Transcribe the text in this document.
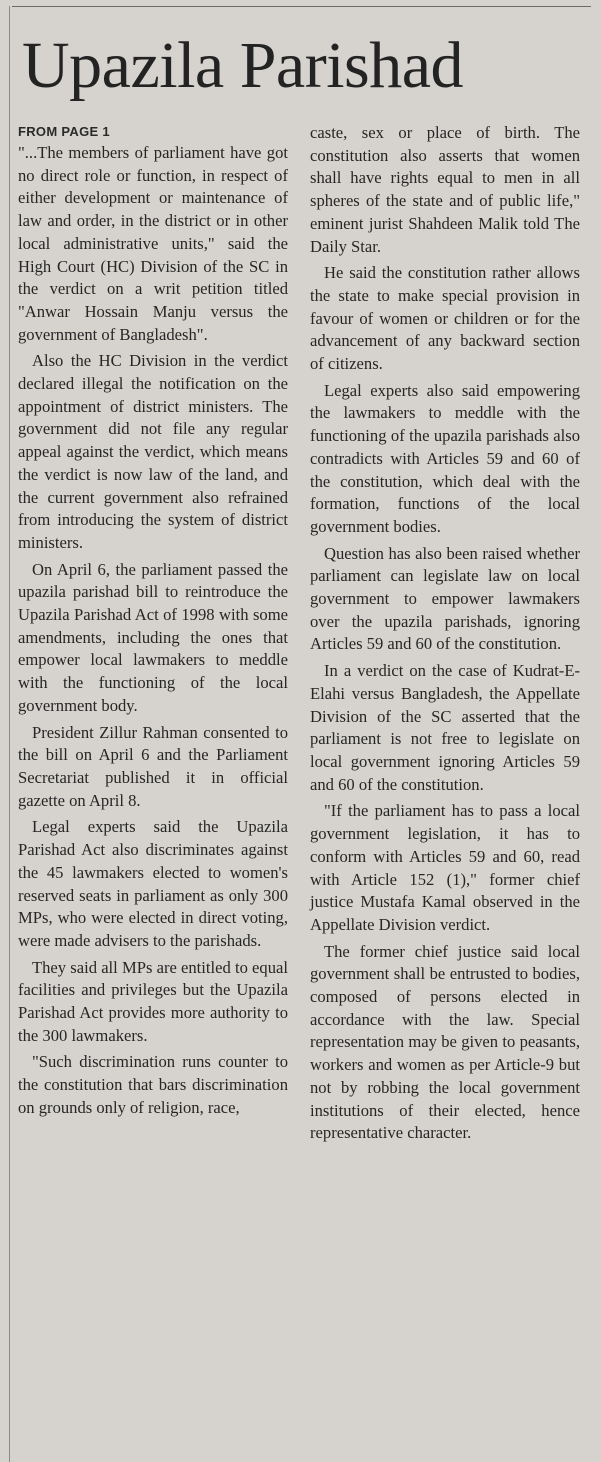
Upazila Parishad
FROM PAGE 1

"...The members of parliament have got no direct role or function, in respect of either development or maintenance of law and order, in the district or in other local administrative units," said the High Court (HC) Division of the SC in the verdict on a writ petition titled "Anwar Hossain Manju versus the government of Bangladesh".

Also the HC Division in the verdict declared illegal the notification on the appointment of district ministers. The government did not file any regular appeal against the verdict, which means the verdict is now law of the land, and the current government also refrained from introducing the system of district ministers.

On April 6, the parliament passed the upazila parishad bill to reintroduce the Upazila Parishad Act of 1998 with some amendments, including the ones that empower local lawmakers to meddle with the functioning of the local government body.

President Zillur Rahman consented to the bill on April 6 and the Parliament Secretariat published it in official gazette on April 8.

Legal experts said the Upazila Parishad Act also discriminates against the 45 lawmakers elected to women's reserved seats in parliament as only 300 MPs, who were elected in direct voting, were made advisers to the parishads.

They said all MPs are entitled to equal facilities and privileges but the Upazila Parishad Act provides more authority to the 300 lawmakers.

"Such discrimination runs counter to the constitution that bars discrimination on grounds only of religion, race,

caste, sex or place of birth. The constitution also asserts that women shall have rights equal to men in all spheres of the state and of public life," eminent jurist Shahdeen Malik told The Daily Star.

He said the constitution rather allows the state to make special provision in favour of women or children or for the advancement of any backward section of citizens.

Legal experts also said empowering the lawmakers to meddle with the functioning of the upazila parishads also contradicts with Articles 59 and 60 of the constitution, which deal with the formation, functions of the local government bodies.

Question has also been raised whether parliament can legislate law on local government to empower lawmakers over the upazila parishads, ignoring Articles 59 and 60 of the constitution.

In a verdict on the case of Kudrat-E-Elahi versus Bangladesh, the Appellate Division of the SC asserted that the parliament is not free to legislate on local government ignoring Articles 59 and 60 of the constitution.

"If the parliament has to pass a local government legislation, it has to conform with Articles 59 and 60, read with Article 152 (1)," former chief justice Mustafa Kamal observed in the Appellate Division verdict.

The former chief justice said local government shall be entrusted to bodies, composed of persons elected in accordance with the law. Special representation may be given to peasants, workers and women as per Article-9 but not by robbing the local government institutions of their elected, hence representative character.
